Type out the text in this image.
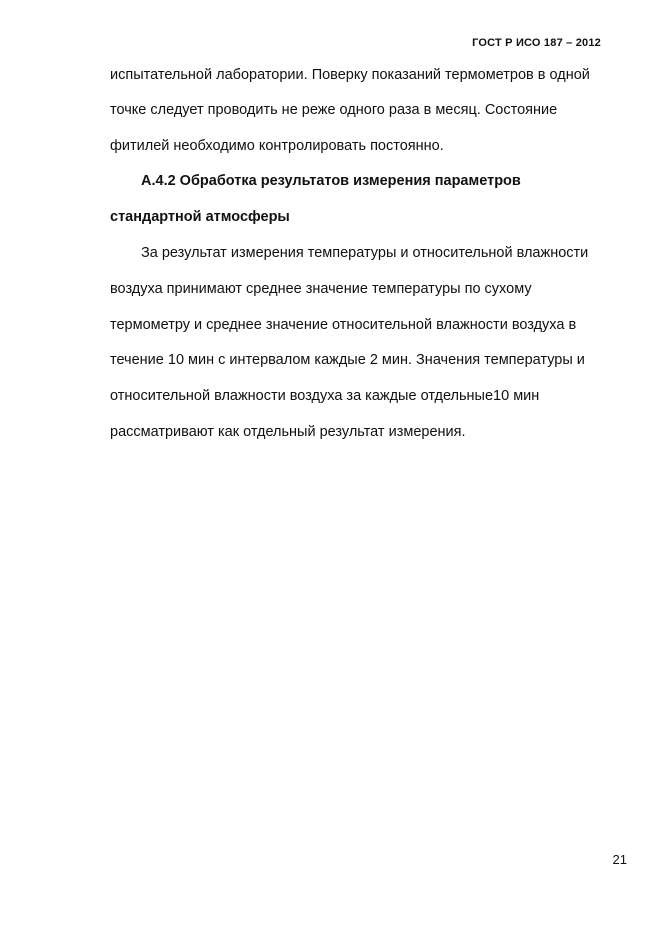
ГОСТ Р ИСО 187 – 2012
испытательной лаборатории. Поверку показаний термометров в одной
точке следует проводить не реже одного раза в месяц. Состояние
фитилей необходимо контролировать постоянно.
А.4.2 Обработка результатов измерения параметров
стандартной атмосферы
За результат измерения температуры и относительной влажности
воздуха принимают среднее значение температуры по сухому
термометру и среднее значение относительной влажности воздуха в
течение 10 мин с интервалом каждые 2 мин. Значения температуры и
относительной влажности воздуха за каждые отдельные10 мин
рассматривают как отдельный результат измерения.
21
